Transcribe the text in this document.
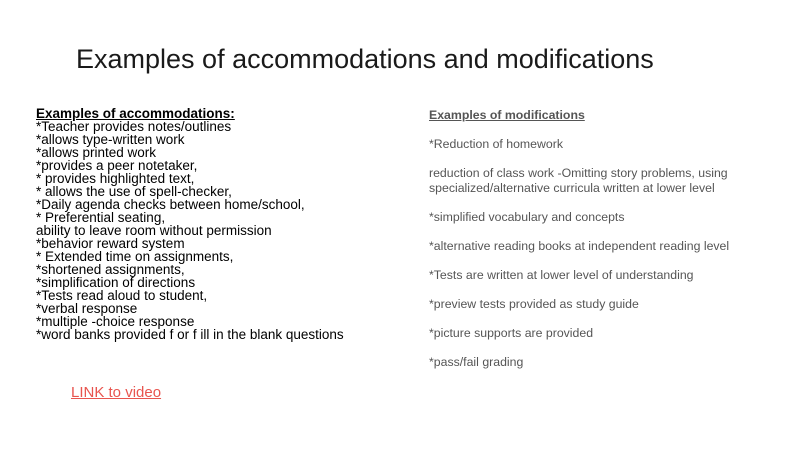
Examples of accommodations and modifications
Examples of accommodations:
*Teacher provides notes/outlines
*allows type-written work
*allows printed work
*provides a peer notetaker,
* provides highlighted text,
* allows the use of spell-checker,
*Daily agenda checks between home/school,
* Preferential seating,
ability to leave room without permission
*behavior reward system
* Extended time on assignments,
*shortened assignments,
*simplification of directions
*Tests read aloud to student,
*verbal response
*multiple -choice response
*word banks provided f or f ill in the blank questions
Examples of modifications
*Reduction of homework
reduction of class work -Omitting story problems, using specialized/alternative curricula written at lower level
*simplified vocabulary and concepts
*alternative reading books at independent reading level
*Tests are written at lower level of understanding
*preview tests provided as study guide
*picture supports are provided
*pass/fail grading
LINK to video
